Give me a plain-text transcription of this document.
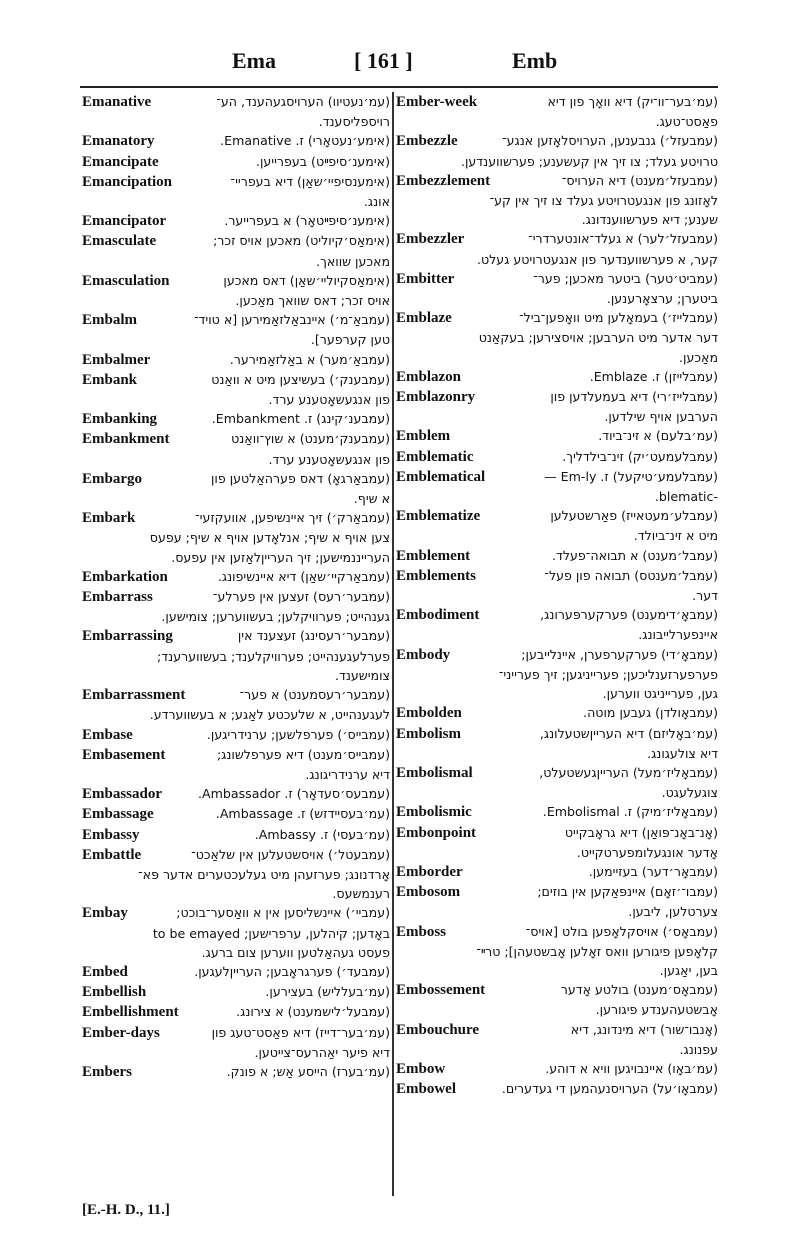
Ema	[ 161 ]	Emb
Emanative	(עמ׳נעטיוו) הערויסגעהענד, הע־
רויספליסענד.
Emanatory	(אימע׳נעטאָרי) ז. Emanative.
Emancipate	(אימענ׳סיפײט) בעפרייען.
Emancipation	(אימענסיפיי׳שאַן) דיא בעפריי־
אונג.
Emancipator	(אימענ׳סיפײטאָר) א בעפרייער.
Emasculate	(אימאַס׳קיוליט) מאכען אויס זכר;
מאכען שוואך.
Emasculation	(אימאַסקיוליי׳שאַן) דאס מאכען
אויס זכר; דאס שוואך מאַכען.
Embalm	(עמבאַ־מ׳) איינבאַלזאַמירען [א טויד־
טען קערפער].
Embalmer	(עמבאַ׳מער) א באַלזאַמירער.
Embank	(עמבענק׳) בעשיצען מיט א וואַנט
פון אנגעשאָטענע ערד.
Embanking	(עמבענ׳קינג) ז. Embankment.
Embankment	(עמבענק׳מענט) א שוץ־וואַנט
פון אנגעשאָטענע ערד.
Embargo	(עמבאַרגאָ) דאס פערהאַלטען פון
א שיף.
Embark	(עמבאַרק׳) זיך איינשיפען, אוועקזעי־
צען אויף א שיף; אנלאָדען אויף א שיף; עפעס
הערייננמישען; זיך הערייןלאַזען אין עפעס.
Embarkation	(עמבאַרקיי׳שאַן) דיא איינשיפונג.
Embarrass	(עמבער׳רעס) זעצען אין פערלע־
גענהייט; פערוויקלען; בעשווערען; צומישען.
Embarrassing	(עמבער׳רעסינג) זעצענד אין
פערלעגענהייט; פערוויקלענד; בעשווערענד;
צומישענד.
Embarrassment	(עמבער׳רעסמענט) א פער־
לעגענהייט, א שלעכטע לאַגע; א בעשווערדע.
Embase	(עמבייס׳) פערפלשען; ערנידריגען.
Embasement	(עמבייס׳מענט) דיא פערפלשונג;
דיא ערנידריגונג.
Embassador	(עמבעס׳סעדאָר) ז. Ambassador.
Embassage	(עמ׳בעסיידזש) ז. Ambassage.
Embassy	(עמ׳בעסי) ז. Ambassy.
Embattle	(עמבעטל׳) אויסשטעלען אין שלאַכט־
אָרדנונג; פערזעהן מיט געלעכטערים אדער פּא־
רענמשעס.
Embay	(עמביי׳) איינשליסען אין א וואַסער־בוכט;
באָדען; קיהלען, ערפרישען; to be emayed
פעסט געהאַלטען ווערען צום ברעג.
Embed	(עמבעד׳) פערגראָבען; הערייןלעגען.
Embellish	(עמ׳בעלליש) בעצירען.
Embellishment	(עמבעל׳לישמענט) א צירונג.
Ember-days	(עמ׳בער־דייז) דיא פאַסט־טעג פון
דיא פיער יאַהרעס־צייטען.
Embers	(עמ׳בערז) הייסע אַש; א פונק.
Ember-week	(עמ׳בער־וו־יק) דיא וואָך פון דיא
פאַסט־טעג.
Embezzle	(עמבעזל׳) גנבענען, הערויסלאָזען אנגע־
טרויטע געלד; צו זיך אין קעשענע; פערשווענדען.
Embezzlement	(עמבעזל׳מענט) דיא הערויס־
לאָזונג פון אנגעטרויטע געלד צו זיך אין קע־
שענע; דיא פערשווענדונג.
Embezzler	(עמבעזל׳לער) א געלד־אונטערדרי־
קער, א פערשווענדער פון אנגעטרויטע געלט.
Embitter	(עמביט׳טער) ביטער מאכען; פער־
ביטערן; ערצאָרענען.
Emblaze	(עמבלייז׳) בעמאָלען מיט וואָפען־ביל־
דער אדער מיט הערבען; אויסצירען; בעקאַנט
מאַכען.
Emblazon	(עמבלייזן) ז. Emblaze.
Emblazonry	(עמבלייז׳רי) דיא בעמעלדען פון
הערבען אויף שילדען.
Emblem	(עמ׳בלעם) א זינ־ביוד.
Emblematic	(עמבלעמעט׳יק) זינ־בילדליך.
Emblematical	(עמבלעמע׳טיקעל) ז. Em-ly —
-blematic.
Emblematize	(עמבלע׳מעטאייז) פאַרשטעלען
מיט א זינ־ביולד.
Emblement	(עמבל׳מענט) א תבואה־פעלד.
Emblements	(עמבל׳מענטס) תבואה פון פעל־
דער.
Embodiment	(עמבאָ׳דימענט) פערקערפּערונג,
איינפערלייבונג.
Embody	(עמבאָ׳די) פערקערפערן, איינלייבען;
פערפערזענליכען; פערייניגען; זיך פערייני־
גען, פערייניגט ווערען.
Embolden	(עמבאָולדן) געבען מוטה.
Embolism	(עמ׳באָליזם) דיא הערייןשטעלונג,
דיא צולעגונג.
Embolismal	(עמבאָליז׳מעל) הערייןגעשטעלט,
צוגעלעגט.
Embolismic	(עמבאָליז׳מיק) ז. Embolismal.
Embonpoint	(אָנ־באָנ־פּואַן) דיא גראָבקייט
אָדער אונגעלומפערטקייט.
Emborder	(עמבאָר׳דער) בעזיימען.
Embosom	(עמבו־׳זאָם) איינפּאַקען אין בוזים;
צערטלען, ליבען.
Emboss	(עמבאָס׳) אויסקלאָפען בולט [אויס־
קלאָפען פיגורען וואס זאָלען אָבשטעהן]; טרײ־
בען, יאַגען.
Embossement	(עמבאָס׳מענט) בולטע אָדער
אָבשטעהענדע פיגורען.
Embouchure	(אָנבו־שור) דיא מינדונג, דיא
עפנונג.
Embow	(עמ׳באָו) איינבויגען וויא א דוהע.
Embowel	(עמבאָו׳על) הערויסנעהמען די געדערים.
[E.-H. D., 11.]
